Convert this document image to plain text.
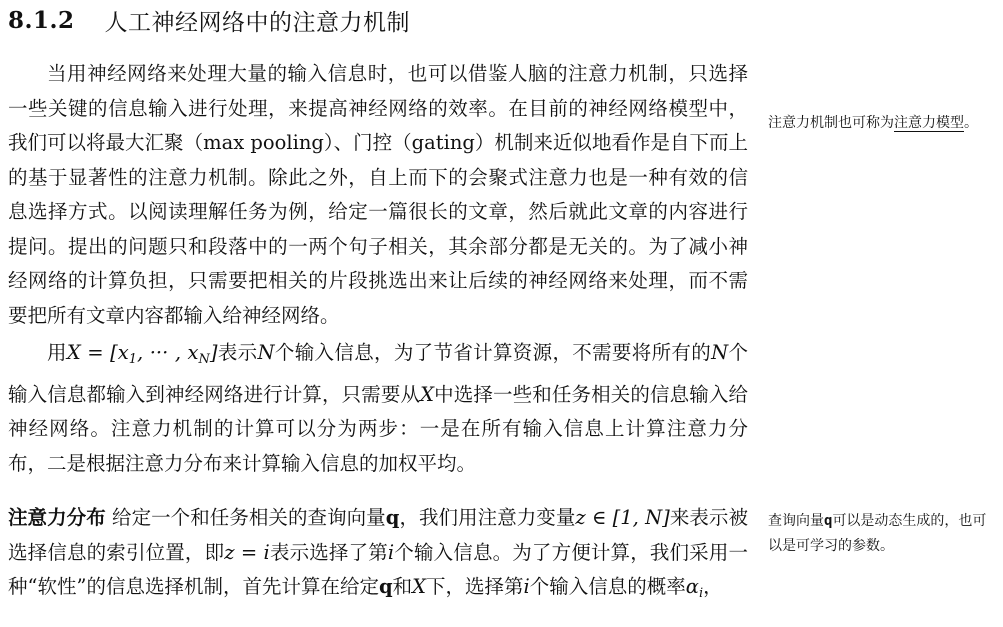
8.1.2 人工神经网络中的注意力机制

当用神经网络来处理大量的输入信息时，也可以借鉴人脑的注意力机制，只选择一些关键的信息输入进行处理，来提高神经网络的效率。在目前的神经网络模型中，我们可以将最大汇聚（max pooling）、门控（gating）机制来近似地看作是自下而上的基于显著性的注意力机制。除此之外，自上而下的会聚式注意力也是一种有效的信息选择方式。以阅读理解任务为例，给定一篇很长的文章，然后就此文章的内容进行提问。提出的问题只和段落中的一两个句子相关，其余部分都是无关的。为了减小神经网络的计算负担，只需要把相关的片段挑选出来让后续的神经网络来处理，而不需要把所有文章内容都输入给神经网络。

用$X = [x_1$, ··· , $x_N$]表示N个输入信息，为了节省计算资源，不需要将所有的N个输入信息都输入到神经网络进行计算，只需要从X中选择一些和任务相关的信息输入给神经网络。注意力机制的计算可以分为两步：一是在所有输入信息上计算注意力分布，二是根据注意力分布来计算输入信息的加权平均。

注意力分布 给定一个和任务相关的查询向量q，我们用注意力变量z ∈ [1, N]来表示被选择信息的索引位置，即z = i表示选择了第i个输入信息。为了方便计算，我们采用一种“软性”的信息选择机制，首先计算在给定q和X下，选择第i个输入信息的概率$\alpha_i$，

注意力机制也可称为注意力模型。
查询向量q可以是动态生成的，也可以是可学习的参数。
